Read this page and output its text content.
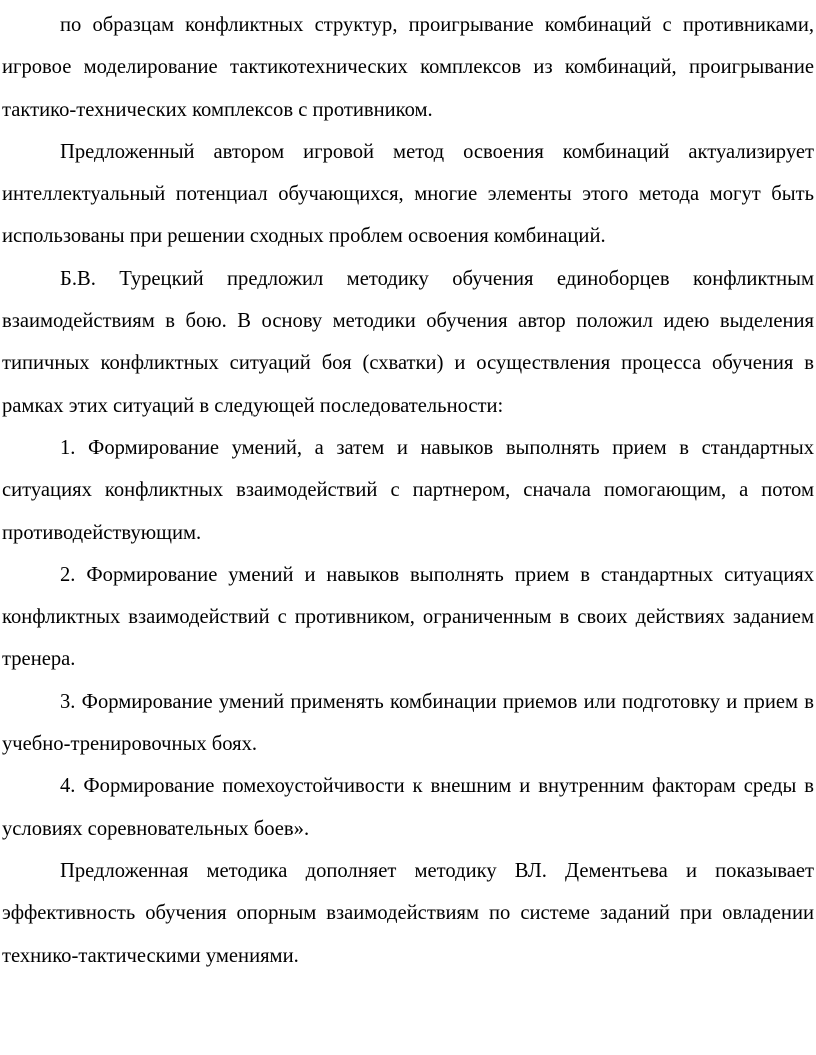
по образцам конфликтных структур, проигрывание комбинаций с противниками, игровое моделирование тактикотехнических комплексов из комбинаций, проигрывание тактико-технических комплексов с противником.

Предложенный автором игровой метод освоения комбинаций актуализирует интеллектуальный потенциал обучающихся, многие элементы этого метода могут быть использованы при решении сходных проблем освоения комбинаций.

Б.В. Турецкий предложил методику обучения единоборцев конфликтным взаимодействиям в бою. В основу методики обучения автор положил идею выделения типичных конфликтных ситуаций боя (схватки) и осуществления процесса обучения в рамках этих ситуаций в следующей последовательности:

1. Формирование умений, а затем и навыков выполнять прием в стандартных ситуациях конфликтных взаимодействий с партнером, сначала помогающим, а потом противодействующим.

2. Формирование умений и навыков выполнять прием в стандартных ситуациях конфликтных взаимодействий с противником, ограниченным в своих действиях заданием тренера.

3. Формирование умений применять комбинации приемов или подготовку и прием в учебно-тренировочных боях.

4. Формирование помехоустойчивости к внешним и внутренним факторам среды в условиях соревновательных боев».

Предложенная методика дополняет методику ВЛ. Дементьева и показывает эффективность обучения опорным взаимодействиям по системе заданий при овладении технико-тактическими умениями.
